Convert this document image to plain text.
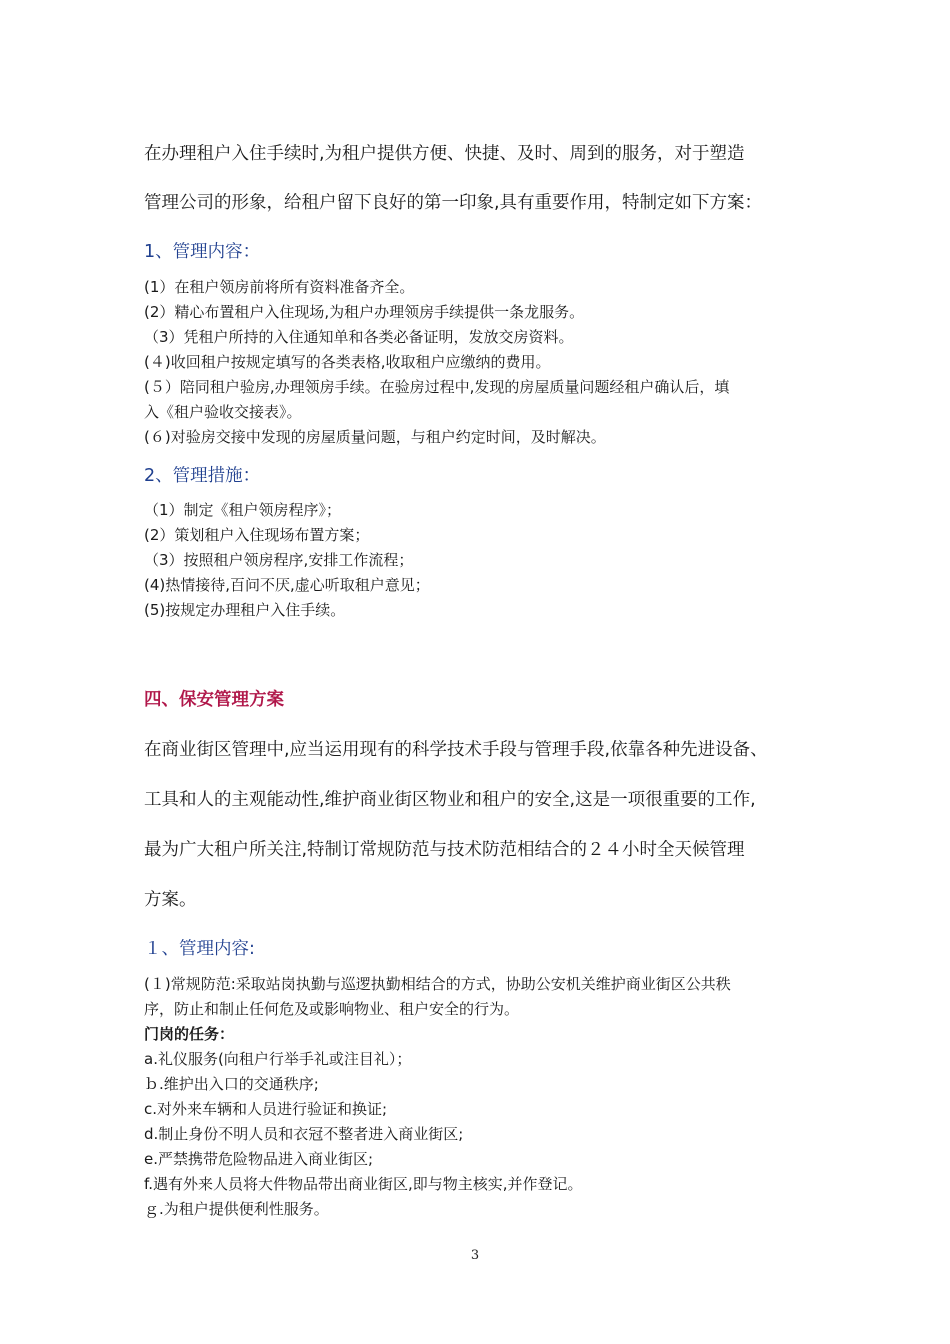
在办理租户入住手续时,为租户提供方便、快捷、及时、周到的服务，对于塑造
管理公司的形象，给租户留下良好的第一印象,具有重要作用，特制定如下方案：
1、管理内容：
(1）在租户领房前将所有资料准备齐全。
(2）精心布置租户入住现场,为租户办理领房手续提供一条龙服务。
（3）凭租户所持的入住通知单和各类必备证明，发放交房资料。
(４)收回租户按规定填写的各类表格,收取租户应缴纳的费用。
(５）陪同租户验房,办理领房手续。在验房过程中,发现的房屋质量问题经租户确认后，填
入《租户验收交接表》。
(６)对验房交接中发现的房屋质量问题，与租户约定时间，及时解决。
2、管理措施：
（1）制定《租户领房程序》；
(2）策划租户入住现场布置方案；
（3）按照租户领房程序,安排工作流程；
(4)热情接待,百问不厌,虚心听取租户意见；
(5)按规定办理租户入住手续。
四、保安管理方案
在商业街区管理中,应当运用现有的科学技术手段与管理手段,依靠各种先进设备、
工具和人的主观能动性,维护商业街区物业和租户的安全,这是一项很重要的工作,
最为广大租户所关注,特制订常规防范与技术防范相结合的２４小时全天候管理
方案。
１、管理内容:
(１)常规防范:采取站岗执勤与巡逻执勤相结合的方式，协助公安机关维护商业街区公共秩
序，防止和制止任何危及或影响物业、租户安全的行为。
门岗的任务：
a.礼仪服务(向租户行举手礼或注目礼）；
ｂ.维护出入口的交通秩序;
c.对外来车辆和人员进行验证和换证;
d.制止身份不明人员和衣冠不整者进入商业街区;
e.严禁携带危险物品进入商业街区;
f.遇有外来人员将大件物品带出商业街区,即与物主核实,并作登记。
ｇ.为租户提供便利性服务。
3
